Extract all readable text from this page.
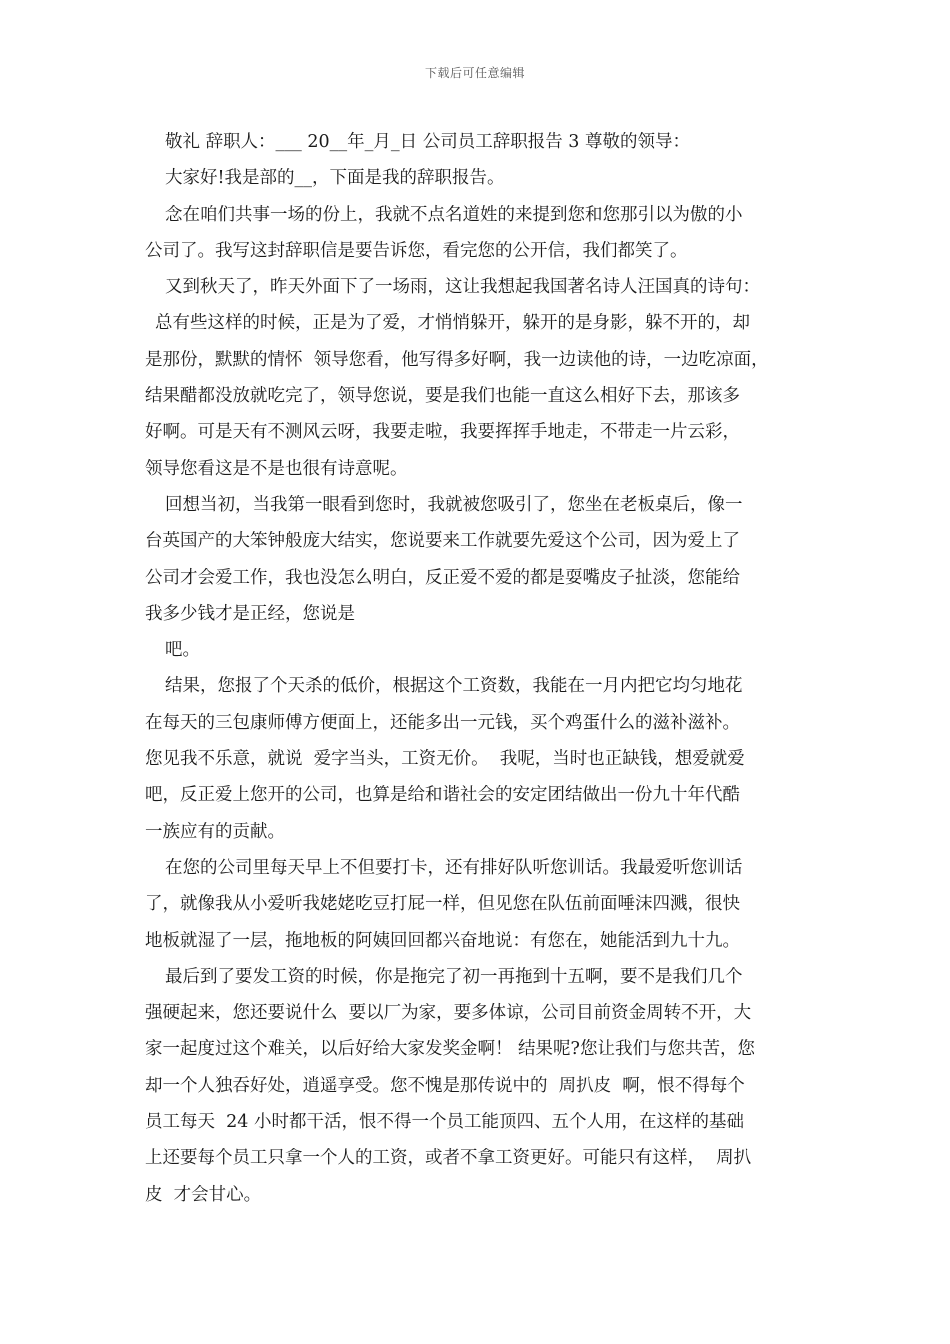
下载后可任意编辑
敬礼 辞职人：___ 20__年_月_日 公司员工辞职报告 3 尊敬的领导：
大家好!我是部的__，下面是我的辞职报告。
念在咱们共事一场的份上，我就不点名道姓的来提到您和您那引以为傲的小
公司了。我写这封辞职信是要告诉您，看完您的公开信，我们都笑了。
又到秋天了，昨天外面下了一场雨，这让我想起我国著名诗人汪国真的诗句：
总有些这样的时候，正是为了爱，才悄悄躲开，躲开的是身影，躲不开的，却
是那份，默默的情怀  领导您看，他写得多好啊，我一边读他的诗，一边吃凉面，
结果醋都没放就吃完了，领导您说，要是我们也能一直这么相好下去，那该多
好啊。可是天有不测风云呀，我要走啦，我要挥挥手地走，不带走一片云彩，
领导您看这是不是也很有诗意呢。
回想当初，当我第一眼看到您时，我就被您吸引了，您坐在老板桌后，像一
台英国产的大笨钟般庞大结实，您说要来工作就要先爱这个公司，因为爱上了
公司才会爱工作，我也没怎么明白，反正爱不爱的都是耍嘴皮子扯淡，您能给
我多少钱才是正经，您说是
吧。
结果，您报了个天杀的低价，根据这个工资数，我能在一月内把它均匀地花
在每天的三包康师傅方便面上，还能多出一元钱，买个鸡蛋什么的滋补滋补。
您见我不乐意，就说  爱字当头，工资无价。  我呢，当时也正缺钱，想爱就爱
吧，反正爱上您开的公司，也算是给和谐社会的安定团结做出一份九十年代酷
一族应有的贡献。
在您的公司里每天早上不但要打卡，还有排好队听您训话。我最爱听您训话
了，就像我从小爱听我姥姥吃豆打屁一样，但见您在队伍前面唾沫四溅，很快
地板就湿了一层，拖地板的阿姨回回都兴奋地说：有您在，她能活到九十九。
最后到了要发工资的时候，你是拖完了初一再拖到十五啊，要不是我们几个
强硬起来，您还要说什么  要以厂为家，要多体谅，公司目前资金周转不开，大
家一起度过这个难关，以后好给大家发奖金啊！ 结果呢?您让我们与您共苦，您
却一个人独吞好处，逍遥享受。您不愧是那传说中的  周扒皮  啊，恨不得每个
员工每天  24 小时都干活，恨不得一个员工能顶四、五个人用，在这样的基础
上还要每个员工只拿一个人的工资，或者不拿工资更好。可能只有这样，  周扒
皮  才会甘心。
